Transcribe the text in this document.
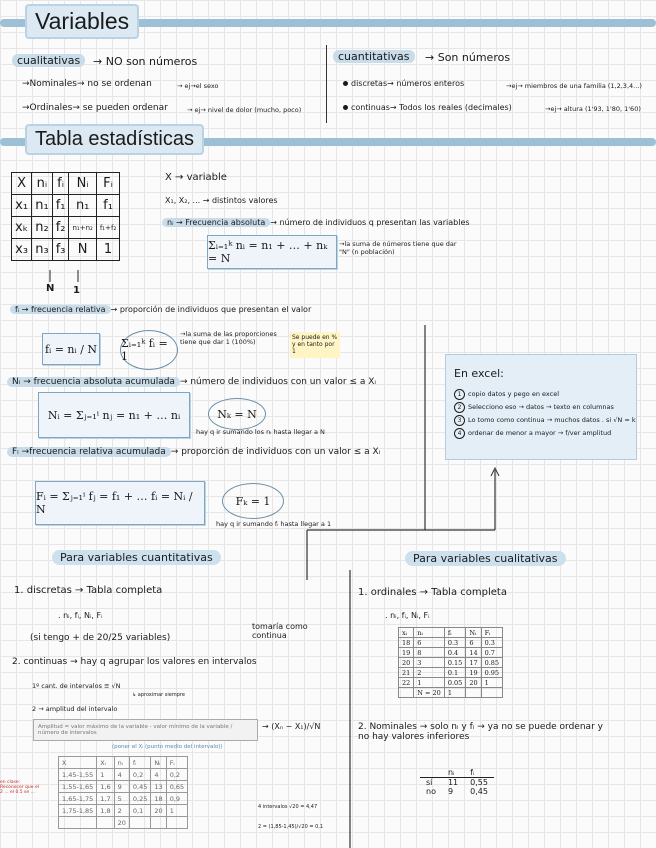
Variables
cualitativas	→ NO son números
→Nominales→ no se ordenan	→ ej→el sexo
→Ordinales→ se pueden ordenar	→ ej→ nivel de dolor (mucho, poco)
cuantitativas	→ Son números
discretas→ números enteros	→ej→ miembros de una familia (1,2,3,4...)
continuas→ Todos los reales (decimales)	→ej→ altura (1'93, 1'80, 1'60)
Tabla estadísticas
X	nᵢ	fᵢ	Nᵢ	Fᵢ
x₁	n₁	f₁	n₁	f₁
xₖ	n₂	f₂	n₁+n₂	f₁+f₂
x₃	n₃	f₃	N	1
N 1
X → variable
X₁, X₂, ... → distintos valores
nᵢ → Frecuencia absoluta → número de individuos q presentan las variables
Σᵢ₌₁ᵏ nᵢ = n₁ + … + nₖ = N
→la suma de números tiene que dar "N" (n población)
fᵢ → frecuencia relativa → proporción de individuos que presentan el valor
fᵢ = nᵢ / N Σᵢ₌₁ᵏ fᵢ = 1
→la suma de las proporciones tiene que dar 1 (100%)
Se puede en % y en tanto por 1
Nᵢ → frecuencia absoluta acumulada → número de individuos con un valor ≤ a Xᵢ
Nᵢ = Σⱼ₌₁ⁱ nⱼ = n₁ + … nᵢ	Nₖ = N
hay q ir sumando los nᵢ hasta llegar a N
Fᵢ →frecuencia relativa acumulada → proporción de individuos con un valor ≤ a Xᵢ
Fᵢ = Σⱼ₌₁ⁱ fⱼ = f₁ + … fᵢ = Nᵢ / N
Fₖ = 1
hay q ir sumando fᵢ hasta llegar a 1
En excel:
1 copio datos y pego en excel
2 Selecciono eso → datos → texto en columnas
3 Lo tomo como continua → muchos datos . si √N = k
4 ordenar de menor a mayor → f/ver amplitud
Para variables cuantitativas
1. discretas → Tabla completa
. nᵢ, fᵢ, Nᵢ, Fᵢ
(si tengo + de 20/25 variables)
tomaría como continua
2. continuas → hay q agrupar los valores en intervalos
1º cant. de intervalos ≅ √N
↳ aproximar siempre
2 → amplitud del intervalo
Amplitud = valor máximo de la variable - valor mínimo de la variable / número de intervalos
→ (Xₙ − X₁)/√N
(poner el Xᵢ (punto medio del intervalo))
en clase: Reconocer que el 2 ... el 0.5 se ...
X	Xᵢ	nᵢ	fᵢ	Nᵢ	Fᵢ
1,45-1,55	1	4	0,2	4	0,2
1,55-1,65	1,6	9	0,45	13	0,65
1,65-1,75	1,7	5	0,25	18	0,9
1,75-1,85	1,8	2	0,1	20	1
		20			
4 intervalos √20 = 4,47
2 = (1,85-1,45)/√20 = 0,1
Para variables cualitativas
1. ordinales → Tabla completa
. nᵢ, fᵢ, Nᵢ, Fᵢ
xᵢ	nᵢ	fᵢ	Nᵢ	Fᵢ
18	6	0.3	6	0.3
19	8	0.4	14	0.7
20	3	0.15	17	0.85
21	2	0.1	19	0.95
22	1	0.05	20	1
	N = 20	1		
2. Nominales → solo nᵢ y fᵢ → ya no se puede ordenar y no hay valores inferiores
	nᵢ	fᵢ
sí	11	0,55
no	9	0,45
